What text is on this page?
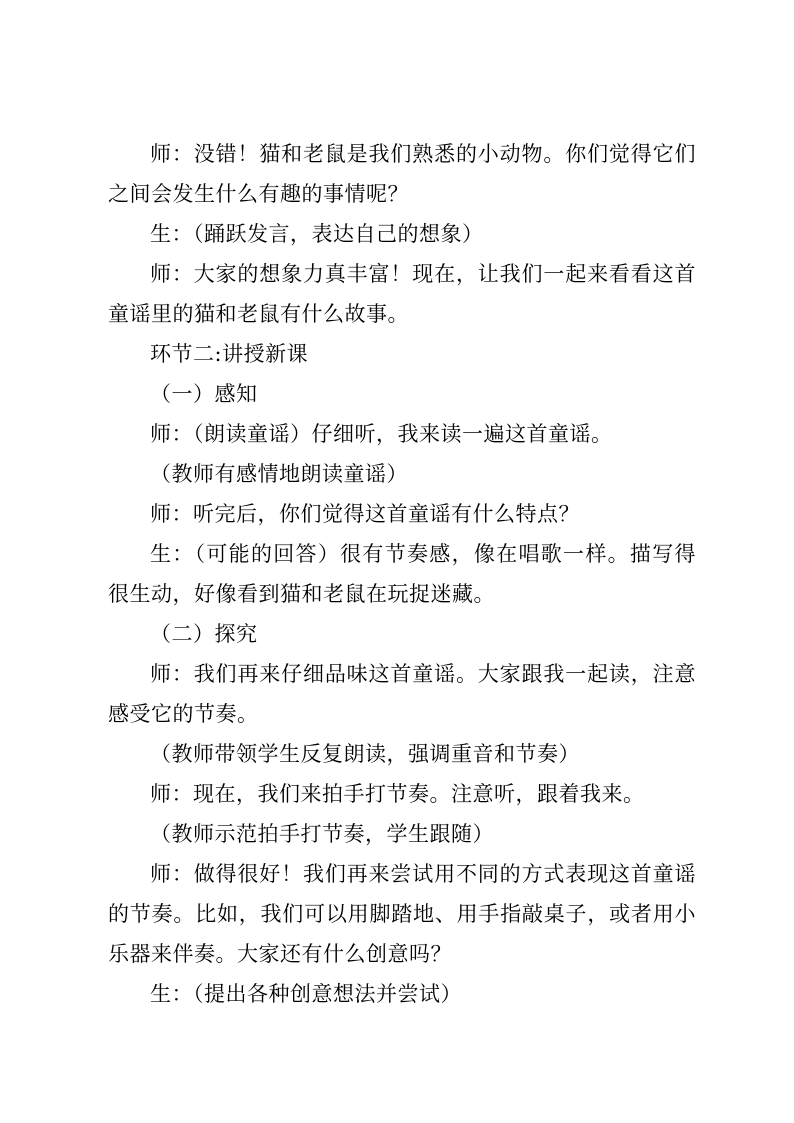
师：没错！猫和老鼠是我们熟悉的小动物。你们觉得它们之间会发生什么有趣的事情呢？

生：（踊跃发言，表达自己的想象）

师：大家的想象力真丰富！现在，让我们一起来看看这首童谣里的猫和老鼠有什么故事。

环节二:讲授新课

（一）感知

师：（朗读童谣）仔细听，我来读一遍这首童谣。

（教师有感情地朗读童谣）

师：听完后，你们觉得这首童谣有什么特点？

生：（可能的回答）很有节奏感，像在唱歌一样。描写得很生动，好像看到猫和老鼠在玩捉迷藏。

（二）探究

师：我们再来仔细品味这首童谣。大家跟我一起读，注意感受它的节奏。

（教师带领学生反复朗读，强调重音和节奏）

师：现在，我们来拍手打节奏。注意听，跟着我来。

（教师示范拍手打节奏，学生跟随）

师：做得很好！我们再来尝试用不同的方式表现这首童谣的节奏。比如，我们可以用脚踏地、用手指敲桌子，或者用小乐器来伴奏。大家还有什么创意吗？

生：（提出各种创意想法并尝试）
